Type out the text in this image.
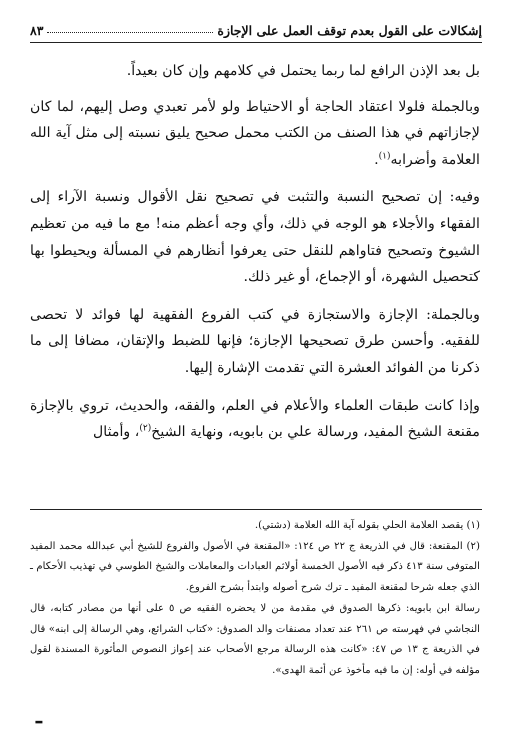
إشكالات على القول بعدم توقف العمل على الإجازة
٨٣

بل بعد الإذن الرافع لما ربما يحتمل في كلامهم وإن كان بعيداً.

وبالجملة فلولا اعتقاد الحاجة أو الاحتياط ولو لأمر تعبدي وصل إليهم، لما كان لإجازاتهم في هذا الصنف من الكتب محمل صحيح يليق نسبته إلى مثل آية الله العلامة وأضرابه$^{(١)}$.

وفيه: إن تصحيح النسبة والتثبت في تصحيح نقل الأقوال ونسبة الآراء إلى الفقهاء والأجلاء هو الوجه في ذلك، وأي وجه أعظم منه! مع ما فيه من تعظيم الشيوخ وتصحيح فتاواهم للنقل حتى يعرفوا أنظارهم في المسألة ويحيطوا بها كتحصيل الشهرة، أو الإجماع، أو غير ذلك.

وبالجملة: الإجازة والاستجازة في كتب الفروع الفقهية لها فوائد لا تحصى للفقيه. وأحسن طرق تصحيحها الإجازة؛ فإنها للضبط والإتقان، مضافا إلى ما ذكرنا من الفوائد العشرة التي تقدمت الإشارة إليها.

وإذا كانت طبقات العلماء والأعلام في العلم، والفقه، والحديث، تروي بالإجازة مقنعة الشيخ المفيد، ورسالة علي بن بابويه، ونهاية الشيخ$^{(٢)}$، وأمثال

(١) يقصد العلامة الحلي بقوله آية الله العلامة (دشتي).

(٢) المقنعة: قال في الذريعة ج ٢٢ ص ١٢٤: «المقنعة في الأصول والفروع للشيخ أبي عبدالله محمد المفيد المتوفى سنة ٤١٣ ذكر فيه الأصول الخمسة أولاثم العبادات والمعاملات والشيخ الطوسي في تهذيب الأحكام ـ الذي جعله شرحا لمقنعة المفيد ـ ترك شرح أصوله وابتدأ بشرح الفروع.

رسالة ابن بابويه: ذكرها الصدوق في مقدمة من لا يحضره الفقيه ص ٥ على أنها من مصادر كتابه، قال النجاشي في فهرسته ص ٢٦١ عند تعداد مصنفات والد الصدوق: «كتاب الشرائع، وهي الرسالة إلى ابنه» قال في الذريعة ج ١٣ ص ٤٧: «كانت هذه الرسالة مرجع الأصحاب عند إعواز النصوص المأثورة المسندة لقول مؤلفه في أوله: إن ما فيه مأخوذ عن أئمة الهدى».

ـ
